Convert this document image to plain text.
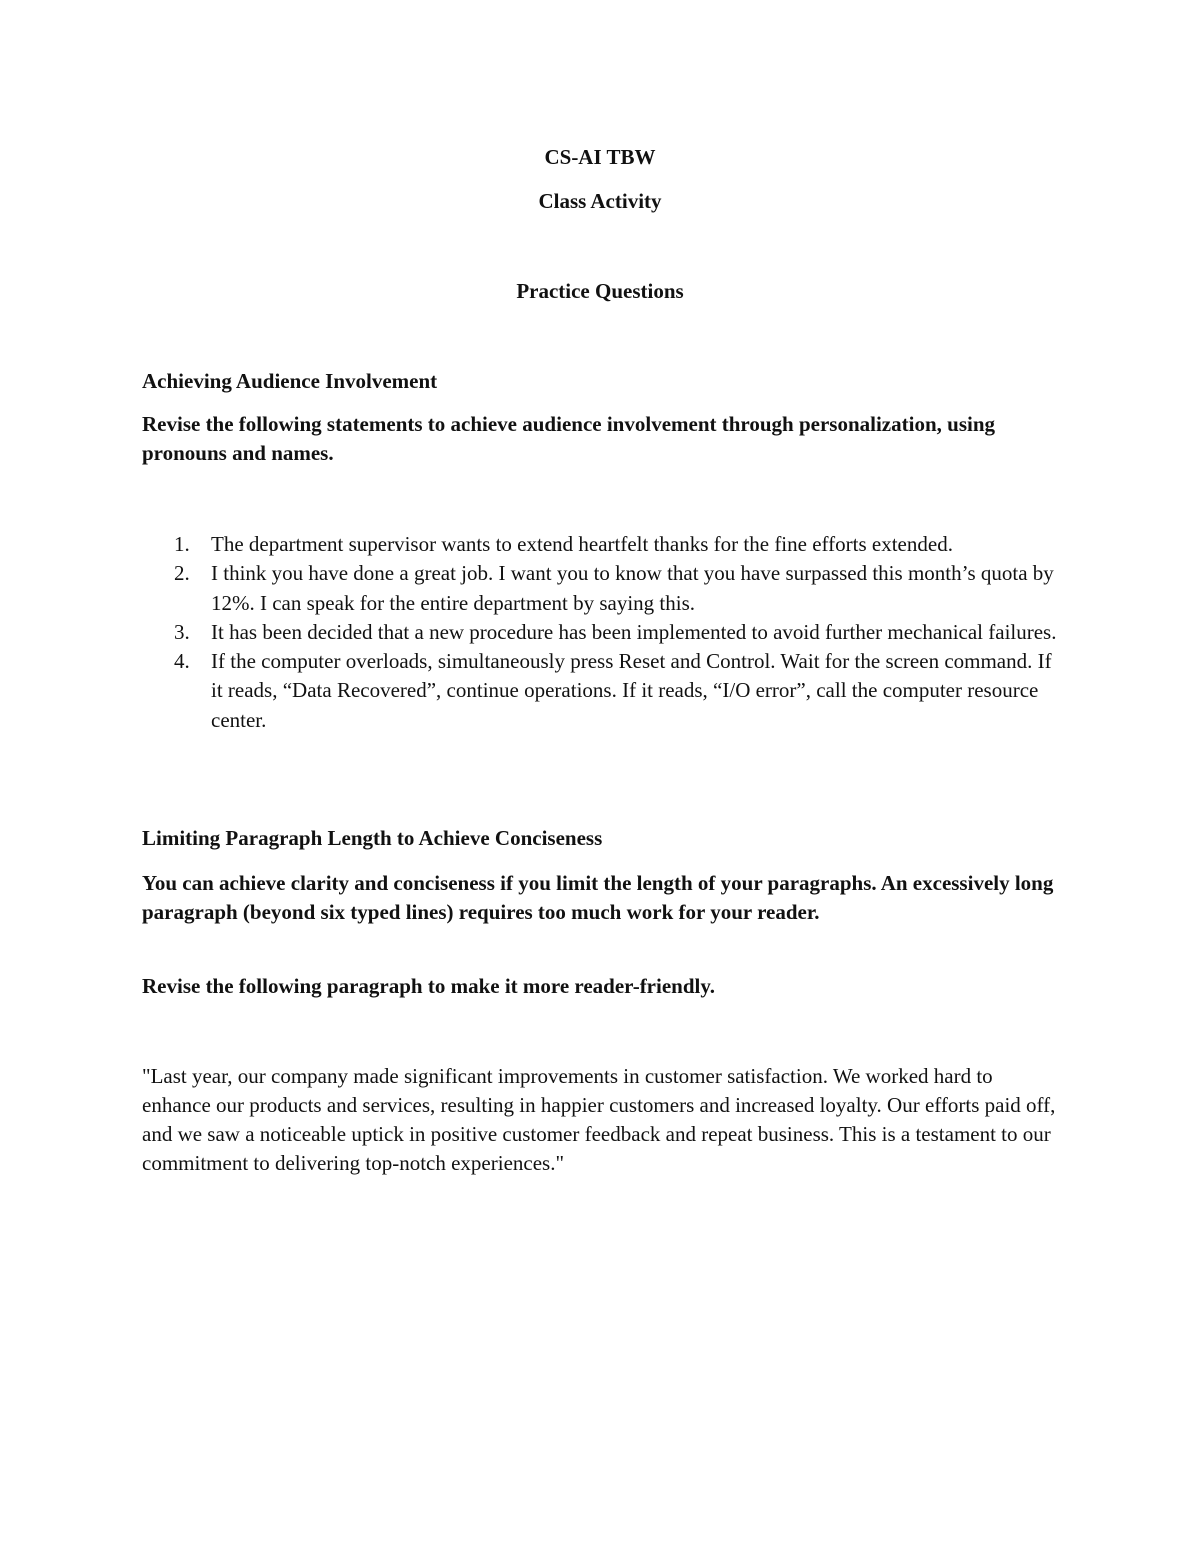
CS-AI TBW
Class Activity
Practice Questions
Achieving Audience Involvement
Revise the following statements to achieve audience involvement through personalization, using pronouns and names.
1. The department supervisor wants to extend heartfelt thanks for the fine efforts extended.
2. I think you have done a great job. I want you to know that you have surpassed this month’s quota by 12%. I can speak for the entire department by saying this.
3. It has been decided that a new procedure has been implemented to avoid further mechanical failures.
4. If the computer overloads, simultaneously press Reset and Control. Wait for the screen command. If it reads, “Data Recovered”, continue operations. If it reads, “I/O error”, call the computer resource center.
Limiting Paragraph Length to Achieve Conciseness
You can achieve clarity and conciseness if you limit the length of your paragraphs. An excessively long paragraph (beyond six typed lines) requires too much work for your reader.
Revise the following paragraph to make it more reader-friendly.
"Last year, our company made significant improvements in customer satisfaction. We worked hard to enhance our products and services, resulting in happier customers and increased loyalty. Our efforts paid off, and we saw a noticeable uptick in positive customer feedback and repeat business. This is a testament to our commitment to delivering top-notch experiences."
